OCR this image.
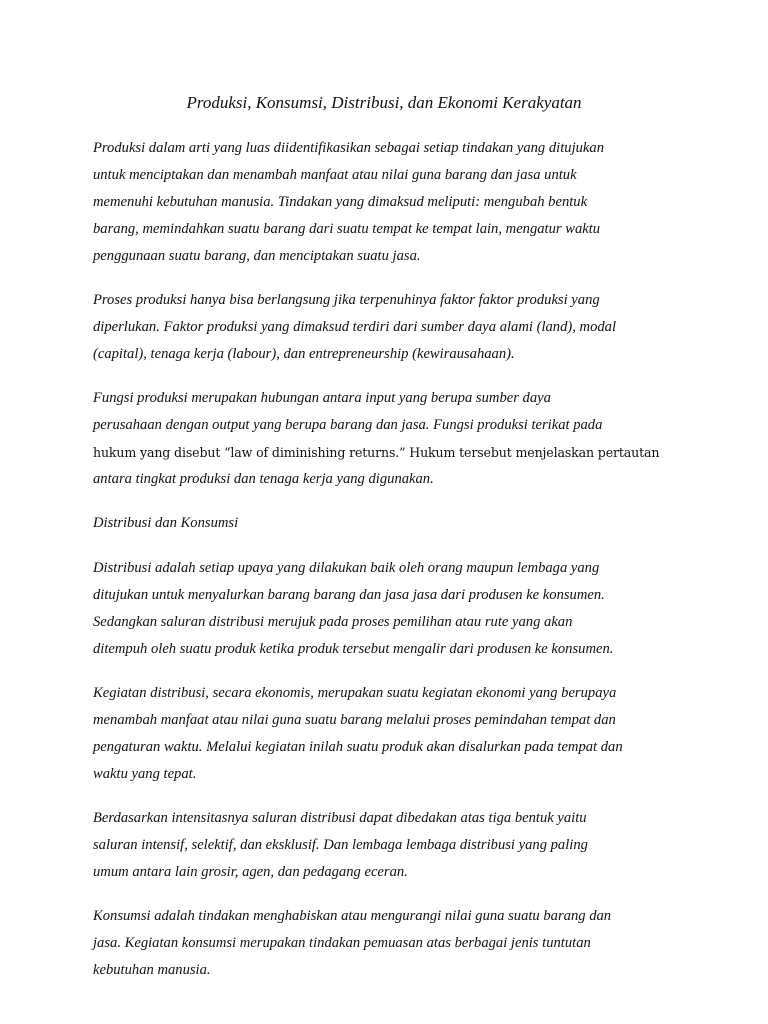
Produksi, Konsumsi, Distribusi, dan Ekonomi Kerakyatan

Produksi dalam arti yang luas diidentifikasikan sebagai setiap tindakan yang ditujukan
untuk menciptakan dan menambah manfaat atau nilai guna barang dan jasa untuk
memenuhi kebutuhan manusia. Tindakan yang dimaksud meliputi: mengubah bentuk
barang, memindahkan suatu barang dari suatu tempat ke tempat lain, mengatur waktu
penggunaan suatu barang, dan menciptakan suatu jasa.

Proses produksi hanya bisa berlangsung jika terpenuhinya faktor faktor produksi yang
diperlukan. Faktor produksi yang dimaksud terdiri dari sumber daya alami (land), modal
(capital), tenaga kerja (labour), dan entrepreneurship (kewirausahaan).

Fungsi produksi merupakan hubungan antara input yang berupa sumber daya
perusahaan dengan output yang berupa barang dan jasa. Fungsi produksi terikat pada
hukum yang disebut “law of diminishing returns.” Hukum tersebut menjelaskan pertautan
antara tingkat produksi dan tenaga kerja yang digunakan.

Distribusi dan Konsumsi

Distribusi adalah setiap upaya yang dilakukan baik oleh orang maupun lembaga yang
ditujukan untuk menyalurkan barang barang dan jasa jasa dari produsen ke konsumen.
Sedangkan saluran distribusi merujuk pada proses pemilihan atau rute yang akan
ditempuh oleh suatu produk ketika produk tersebut mengalir dari produsen ke konsumen.

Kegiatan distribusi, secara ekonomis, merupakan suatu kegiatan ekonomi yang berupaya
menambah manfaat atau nilai guna suatu barang melalui proses pemindahan tempat dan
pengaturan waktu. Melalui kegiatan inilah suatu produk akan disalurkan pada tempat dan
waktu yang tepat.

Berdasarkan intensitasnya saluran distribusi dapat dibedakan atas tiga bentuk yaitu
saluran intensif, selektif, dan eksklusif. Dan lembaga lembaga distribusi yang paling
umum antara lain grosir, agen, dan pedagang eceran.

Konsumsi adalah tindakan menghabiskan atau mengurangi nilai guna suatu barang dan
jasa. Kegiatan konsumsi merupakan tindakan pemuasan atas berbagai jenis tuntutan
kebutuhan manusia.
